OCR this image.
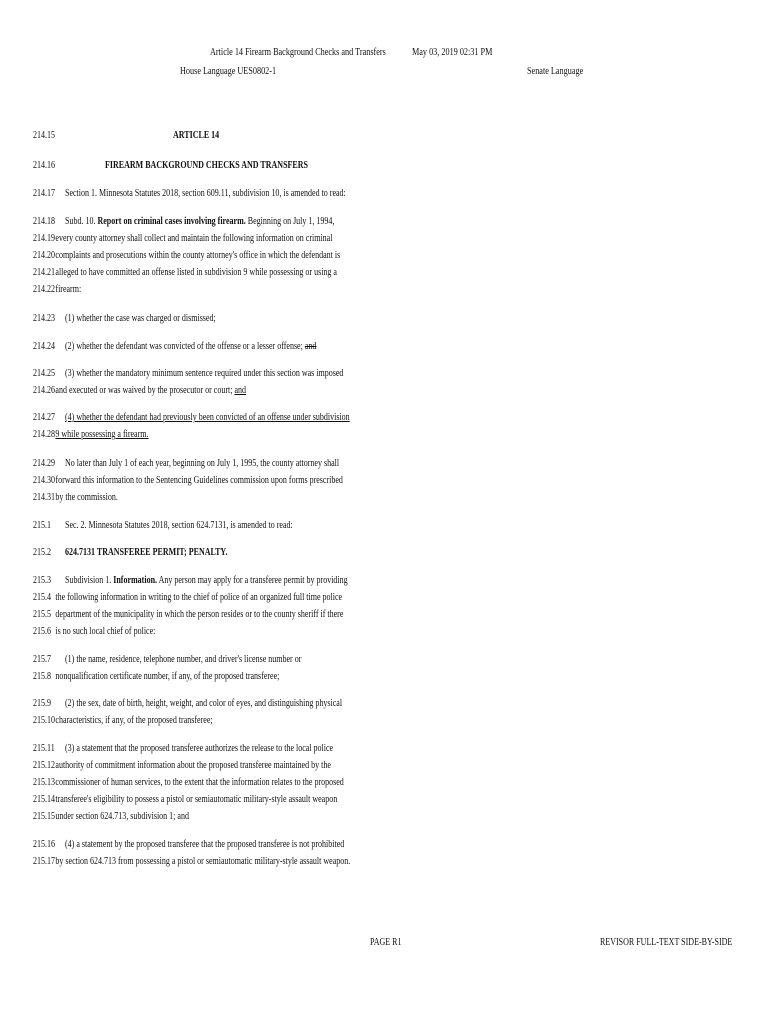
Article 14 Firearm Background Checks and Transfers	May 03, 2019 02:31 PM
House Language UES0802-1	Senate Language
214.15	ARTICLE 14
214.16	FIREARM BACKGROUND CHECKS AND TRANSFERS
214.17 Section 1. Minnesota Statutes 2018, section 609.11, subdivision 10, is amended to read:
214.18 Subd. 10. Report on criminal cases involving firearm. Beginning on July 1, 1994,
214.19every county attorney shall collect and maintain the following information on criminal
214.20complaints and prosecutions within the county attorney's office in which the defendant is
214.21alleged to have committed an offense listed in subdivision 9 while possessing or using a
214.22firearm:
214.23 (1) whether the case was charged or dismissed;
214.24 (2) whether the defendant was convicted of the offense or a lesser offense; and
214.25 (3) whether the mandatory minimum sentence required under this section was imposed
214.26and executed or was waived by the prosecutor or court; and
214.27 (4) whether the defendant had previously been convicted of an offense under subdivision
214.289 while possessing a firearm.
214.29 No later than July 1 of each year, beginning on July 1, 1995, the county attorney shall
214.30forward this information to the Sentencing Guidelines commission upon forms prescribed
214.31by the commission.
215.1 Sec. 2. Minnesota Statutes 2018, section 624.7131, is amended to read:
215.2 624.7131 TRANSFEREE PERMIT; PENALTY.
215.3 Subdivision 1. Information. Any person may apply for a transferee permit by providing
215.4 the following information in writing to the chief of police of an organized full time police
215.5 department of the municipality in which the person resides or to the county sheriff if there
215.6 is no such local chief of police:
215.7 (1) the name, residence, telephone number, and driver's license number or
215.8 nonqualification certificate number, if any, of the proposed transferee;
215.9 (2) the sex, date of birth, height, weight, and color of eyes, and distinguishing physical
215.10characteristics, if any, of the proposed transferee;
215.11 (3) a statement that the proposed transferee authorizes the release to the local police
215.12authority of commitment information about the proposed transferee maintained by the
215.13commissioner of human services, to the extent that the information relates to the proposed
215.14transferee's eligibility to possess a pistol or semiautomatic military-style assault weapon
215.15under section 624.713, subdivision 1; and
215.16 (4) a statement by the proposed transferee that the proposed transferee is not prohibited
215.17by section 624.713 from possessing a pistol or semiautomatic military-style assault weapon.
PAGE R1	REVISOR FULL-TEXT SIDE-BY-SIDE
